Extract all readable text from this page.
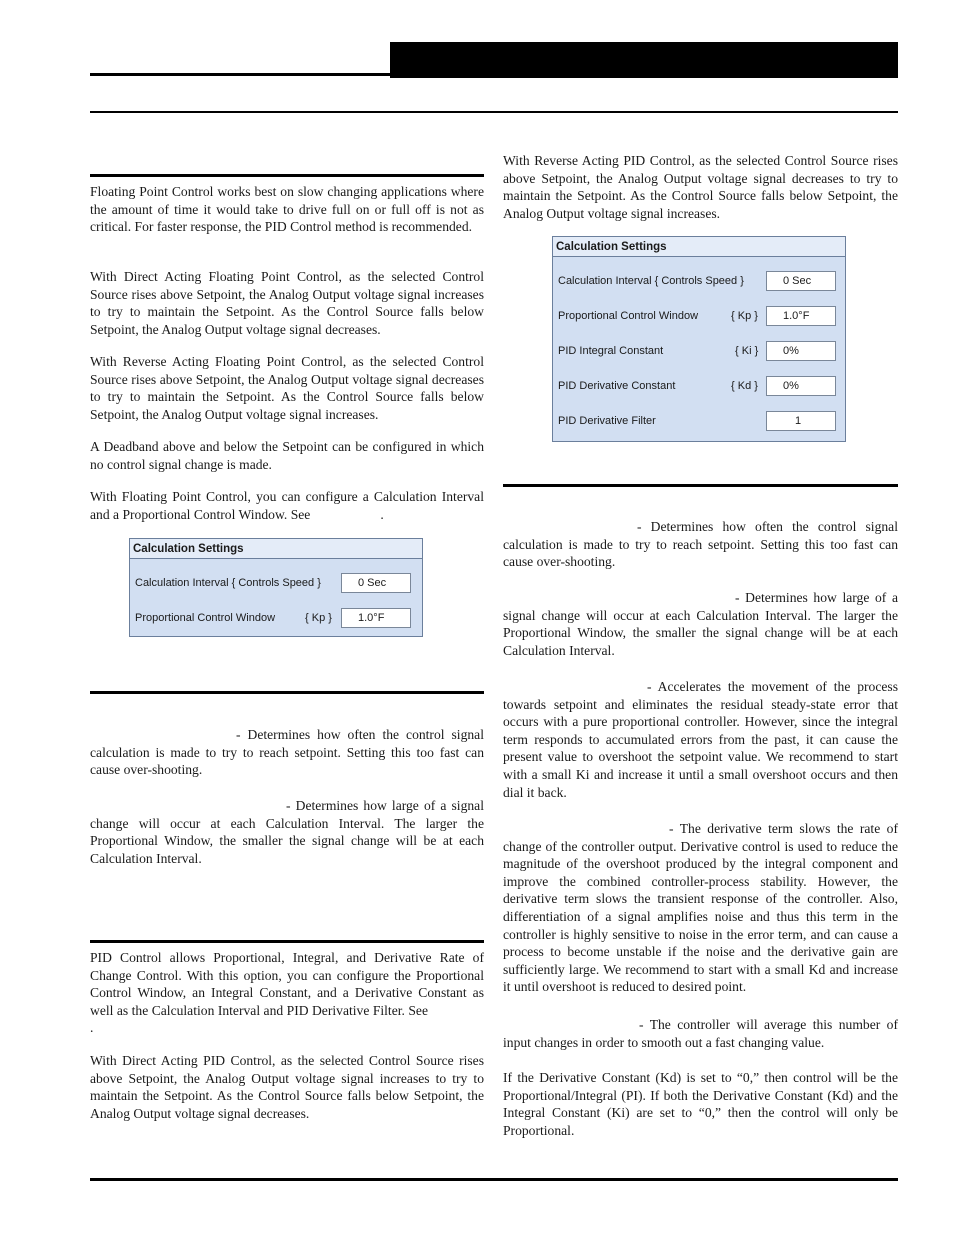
Floating Point Control works best on slow changing applications where the amount of time it would take to drive full on or full off is not as critical. For faster response, the PID Control method is recommended.

With Direct Acting Floating Point Control, as the selected Control Source rises above Setpoint, the Analog Output voltage signal increases to try to maintain the Setpoint. As the Control Source falls below Setpoint, the Analog Output voltage signal decreases.

With Reverse Acting Floating Point Control, as the selected Control Source rises above Setpoint, the Analog Output voltage signal decreases to try to maintain the Setpoint. As the Control Source falls below Setpoint, the Analog Output voltage signal increases.

A Deadband above and below the Setpoint can be configured in which no control signal change is made.

With Floating Point Control, you can configure a Calculation Interval and a Proportional Control Window. See	.

Calculation Settings
Calculation Interval { Controls Speed }	0 Sec
Proportional Control Window	{ Kp }	1.0°F

- Determines how often the control signal calculation is made to try to reach setpoint. Setting this too fast can cause over-shooting.

- Determines how large of a signal change will occur at each Calculation Interval. The larger the Proportional Window, the smaller the signal change will be at each Calculation Interval.

PID Control allows Proportional, Integral, and Derivative Rate of Change Control. With this option, you can configure the Proportional Control Window, an Integral Constant, and a Derivative Constant as well as the Calculation Interval and PID Derivative Filter. See.

With Direct Acting PID Control, as the selected Control Source rises above Setpoint, the Analog Output voltage signal increases to try to maintain the Setpoint. As the Control Source falls below Setpoint, the Analog Output voltage signal decreases.

With Reverse Acting PID Control, as the selected Control Source rises above Setpoint, the Analog Output voltage signal decreases to try to maintain the Setpoint. As the Control Source falls below Setpoint, the Analog Output voltage signal increases.

Calculation Settings
Calculation Interval { Controls Speed }	0 Sec
Proportional Control Window	{ Kp }	1.0°F
PID Integral Constant	{ Ki }	0%
PID Derivative Constant	{ Kd }	0%
PID Derivative Filter	1

- Determines how often the control signal calculation is made to try to reach setpoint. Setting this too fast can cause over-shooting.

- Determines how large of a signal change will occur at each Calculation Interval. The larger the Proportional Window, the smaller the signal change will be at each Calculation Interval.

- Accelerates the movement of the process towards setpoint and eliminates the residual steady-state error that occurs with a pure proportional controller. However, since the integral term responds to accumulated errors from the past, it can cause the present value to overshoot the setpoint value. We recommend to start with a small Ki and increase it until a small overshoot occurs and then dial it back.

- The derivative term slows the rate of change of the controller output. Derivative control is used to reduce the magnitude of the overshoot produced by the integral component and improve the combined controller-process stability. However, the derivative term slows the transient response of the controller. Also, differentiation of a signal amplifies noise and thus this term in the controller is highly sensitive to noise in the error term, and can cause a process to become unstable if the noise and the derivative gain are sufficiently large. We recommend to start with a small Kd and increase it until overshoot is reduced to desired point.

- The controller will average this number of input changes in order to smooth out a fast changing value.

If the Derivative Constant (Kd) is set to “0,” then control will be the Proportional/Integral (PI). If both the Derivative Constant (Kd) and the Integral Constant (Ki) are set to “0,” then the control will only be Proportional.
